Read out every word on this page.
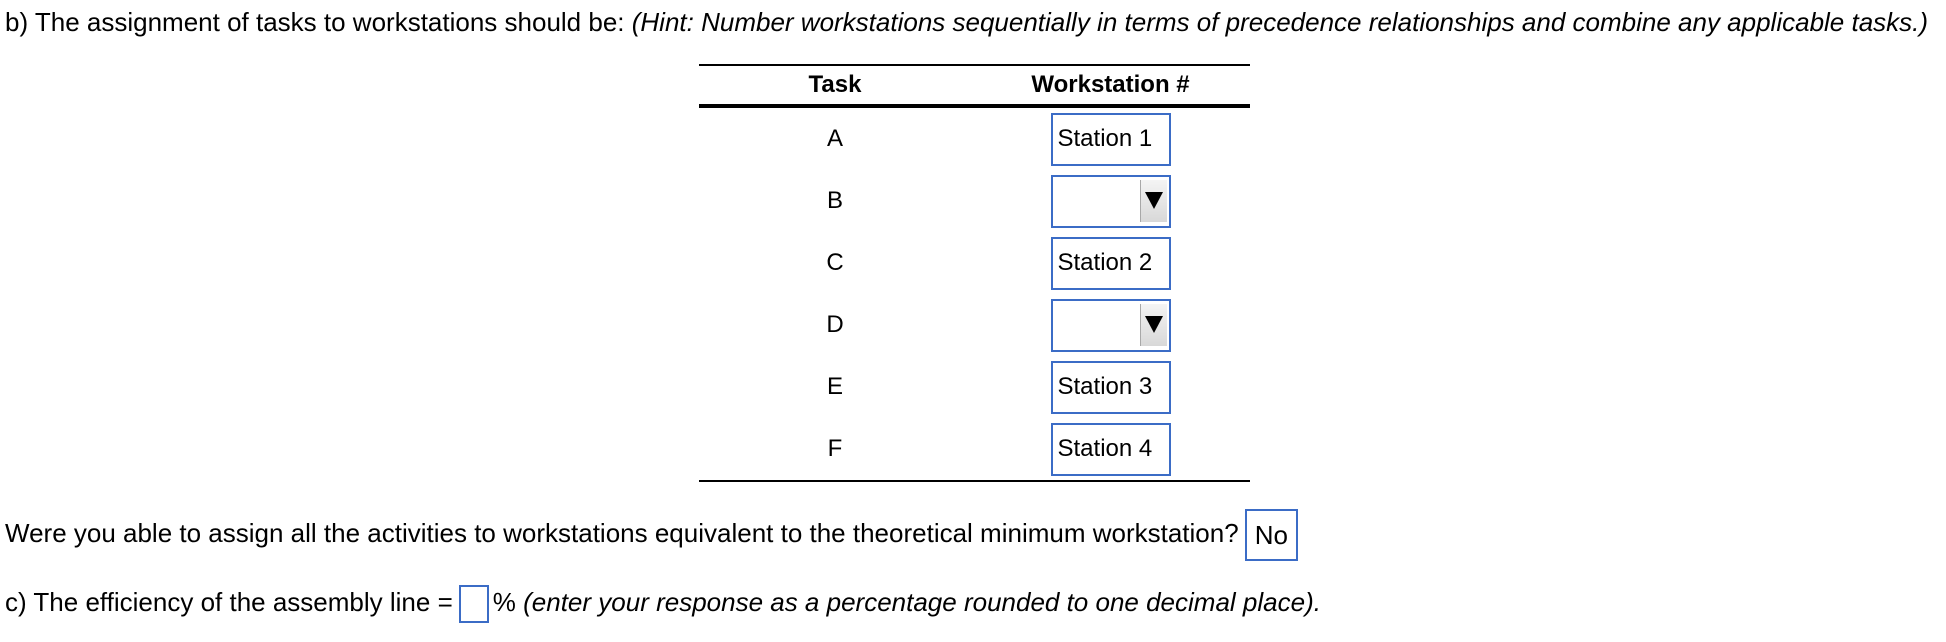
b) The assignment of tasks to workstations should be: (Hint: Number workstations sequentially in terms of precedence relationships and combine any applicable tasks.)
Task	Workstation #
A	Station 1
B
C	Station 2
D
E	Station 3
F	Station 4
Were you able to assign all the activities to workstations equivalent to the theoretical minimum workstation? No
c) The efficiency of the assembly line = % (enter your response as a percentage rounded to one decimal place).
